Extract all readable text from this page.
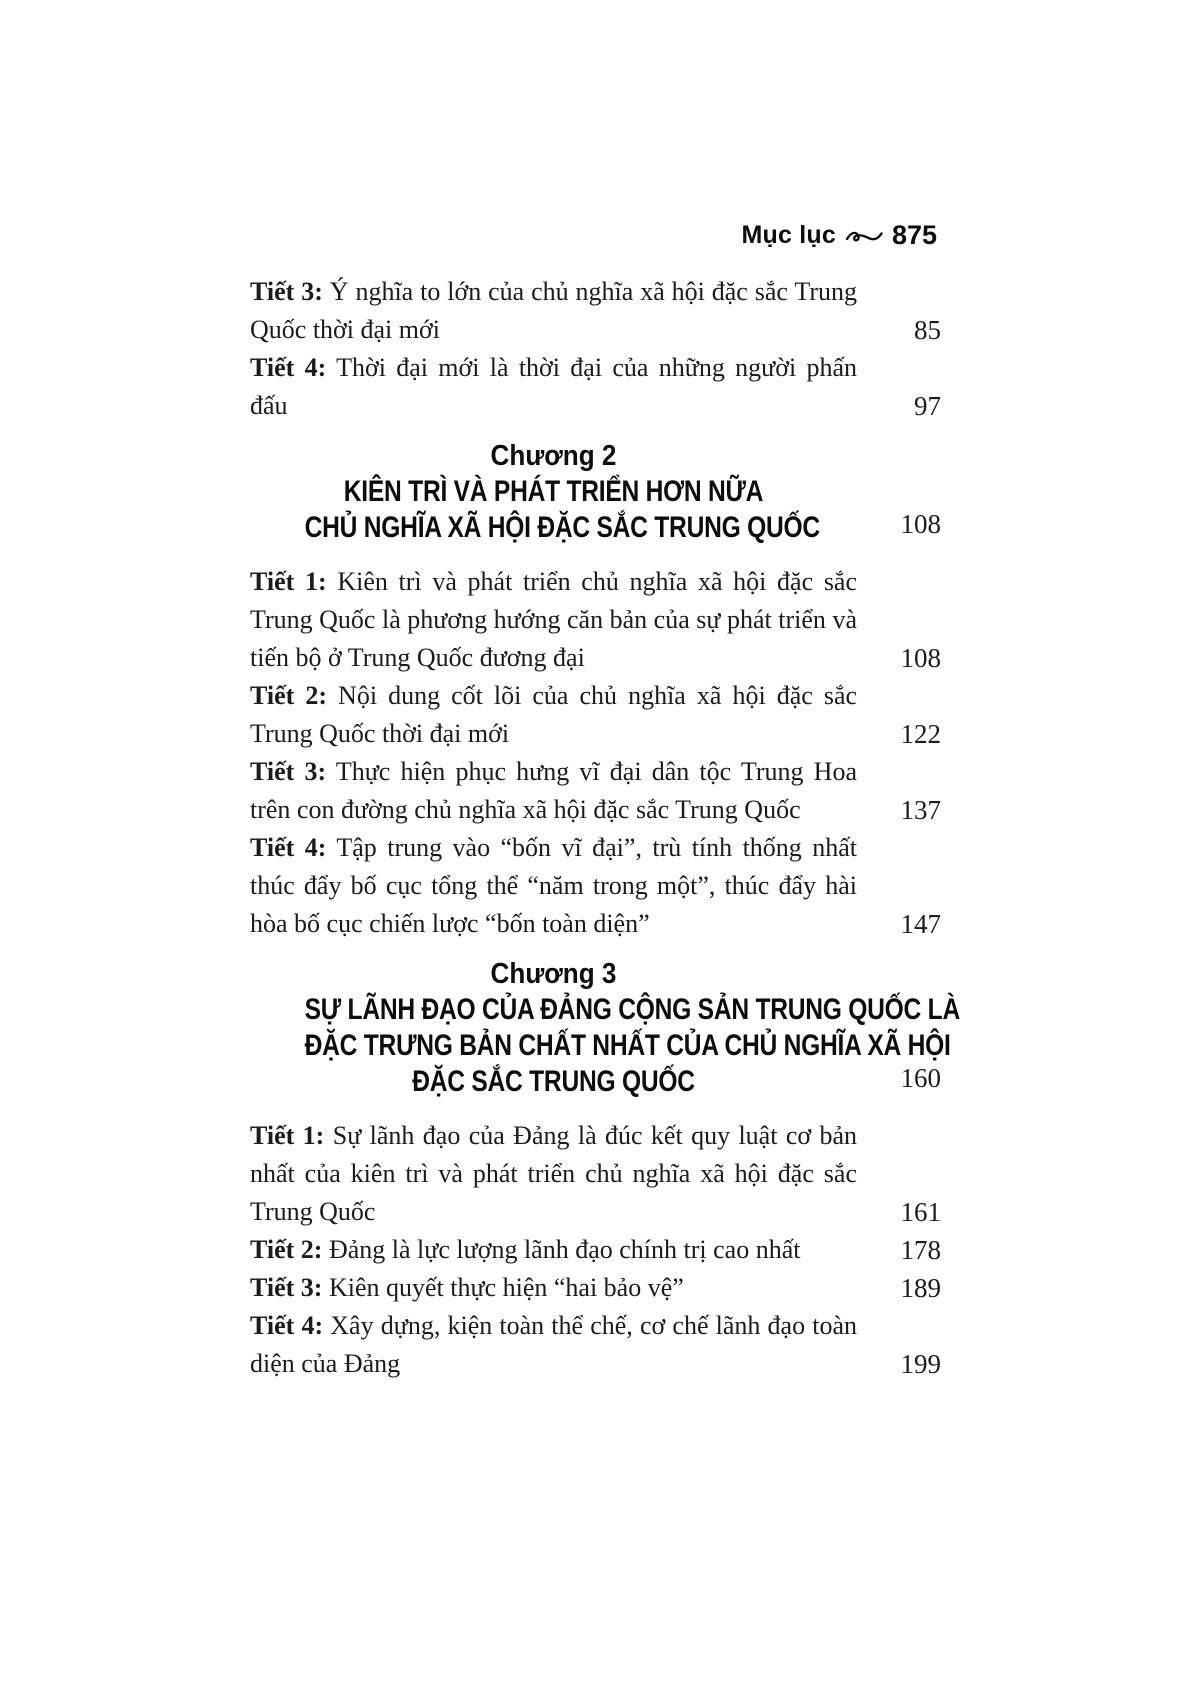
Mục lục 875
Tiết 3: Ý nghĩa to lớn của chủ nghĩa xã hội đặc sắc Trung Quốc thời đại mới	85
Tiết 4: Thời đại mới là thời đại của những người phấn đấu	97
Chương 2
KIÊN TRÌ VÀ PHÁT TRIỂN HƠN NỮA
CHỦ NGHĨA XÃ HỘI ĐẶC SẮC TRUNG QUỐC	108
Tiết 1: Kiên trì và phát triển chủ nghĩa xã hội đặc sắc Trung Quốc là phương hướng căn bản của sự phát triển và tiến bộ ở Trung Quốc đương đại	108
Tiết 2: Nội dung cốt lõi của chủ nghĩa xã hội đặc sắc Trung Quốc thời đại mới	122
Tiết 3: Thực hiện phục hưng vĩ đại dân tộc Trung Hoa trên con đường chủ nghĩa xã hội đặc sắc Trung Quốc	137
Tiết 4: Tập trung vào “bốn vĩ đại”, trù tính thống nhất thúc đẩy bố cục tổng thể “năm trong một”, thúc đẩy hài hòa bố cục chiến lược “bốn toàn diện”	147
Chương 3
SỰ LÃNH ĐẠO CỦA ĐẢNG CỘNG SẢN TRUNG QUỐC LÀ
ĐẶC TRƯNG BẢN CHẤT NHẤT CỦA CHỦ NGHĨA XÃ HỘI
ĐẶC SẮC TRUNG QUỐC	160
Tiết 1: Sự lãnh đạo của Đảng là đúc kết quy luật cơ bản nhất của kiên trì và phát triển chủ nghĩa xã hội đặc sắc Trung Quốc	161
Tiết 2: Đảng là lực lượng lãnh đạo chính trị cao nhất	178
Tiết 3: Kiên quyết thực hiện “hai bảo vệ”	189
Tiết 4: Xây dựng, kiện toàn thể chế, cơ chế lãnh đạo toàn diện của Đảng	199
